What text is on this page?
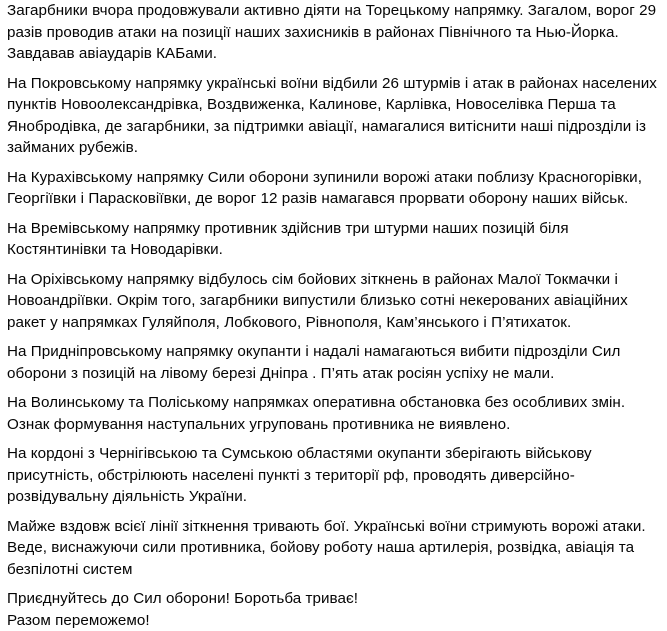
Загарбники вчора продовжували активно діяти на Торецькому напрямку. Загалом, ворог 29
разів проводив атаки на позиції наших захисників в районах Північного та Нью-Йорка.
Завдавав авіаударів КАБами.
На Покровському напрямку українські воїни відбили 26 штурмів і атак в районах населених
пунктів Новоолександрівка, Воздвиженка, Калинове, Карлівка, Новоселівка Перша та
Янобродівка, де загарбники, за підтримки авіації, намагалися витіснити наші підрозділи із
займаних рубежів.
На Курахівському напрямку Сили оборони зупинили ворожі атаки поблизу Красногорівки,
Георгіївки і Парасковіївки, де ворог 12 разів намагався прорвати оборону наших військ.
На Времівському напрямку противник здійснив три штурми наших позицій біля
Костянтинівки та Новодарівки.
На Оріхівському напрямку відбулось сім бойових зіткнень в районах Малої Токмачки і
Новоандріївки. Окрім того, загарбники випустили близько сотні некерованих авіаційних
ракет у напрямках Гуляйполя, Лобкового, Рівнополя, Кам’янського і П’ятихаток.
На Придніпровському напрямку окупанти і надалі намагаються вибити підрозділи Сил
оборони з позицій на лівому березі Дніпра . П’ять атак росіян успіху не мали.
На Волинському та Поліському напрямках оперативна обстановка без особливих змін.
Ознак формування наступальних угруповань противника не виявлено.
На кордоні з Чернігівською та Сумською областями окупанти зберігають військову
присутність, обстрілюють населені пункті з території рф, проводять диверсійно-
розвідувальну діяльність України.
Майже вздовж всієї лінії зіткнення тривають бої. Українські воїни стримують ворожі атаки.
Веде, виснажуючи сили противника, бойову роботу наша артилерія, розвідка, авіація та
безпілотні систем
Приєднуйтесь до Сил оборони! Боротьба триває!
Разом переможемо!
